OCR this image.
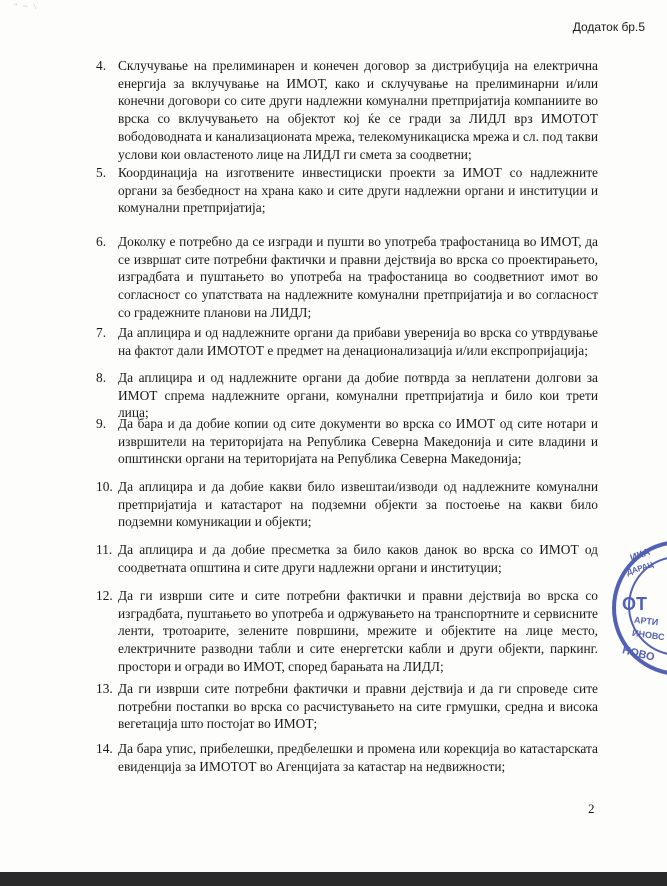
" ~ \
Додаток бр.5
4. Склучување на прелиминарен и конечен договор за дистрибуција на електрична енергија за вклучување на ИМОТ, како и склучување на прелиминарни и/или конечни договори со сите други надлежни комунални претпријатија компаниите во врска со вклучувањето на објектот кој ќе се гради за ЛИДЛ врз ИМОТОТ вободоводната и канализационата мрежа, телекомуникациска мрежа и сл. под такви услови кои овластеното лице на ЛИДЛ ги смета за соодветни;
5. Координација на изготвените инвестициски проекти за ИМОТ со надлежните органи за безбедност на храна како и сите други надлежни органи и институции и комунални претпријатија;
6. Доколку е потребно да се изгради и пушти во употреба трафостаница во ИМОТ, да се извршат сите потребни фактички и правни дејствија во врска со проектирањето, изградбата и пуштањето во употреба на трафостаница во соодветниот имот во согласност со упатствата на надлежните комунални претпријатија и во согласност со градежните планови на ЛИДЛ;
7. Да аплицира и од надлежните органи да прибави уверенија во врска со утврдување на фактот дали ИМОТОТ е предмет на денационализација и/или експропријација;
8. Да аплицира и од надлежните органи да добие потврда за неплатени долгови за ИМОТ спрема надлежните органи, комунални претпријатија и било кои трети лица;
9. Да бара и да добие копии од сите документи во врска со ИМОТ од сите нотари и извршители на територијата на Република Северна Македонија и сите владини и општински органи на територијата на Република Северна Македонија;
10. Да аплицира и да добие какви било извештаи/изводи од надлежните комунални претпријатија и катастарот на подземни објекти за постоење на какви било подземни комуникации и објекти;
11. Да аплицира и да добие пресметка за било каков данок во врска со ИМОТ од соодветната општина и сите други надлежни органи и институции;
12. Да ги изврши сите и сите потребни фактички и правни дејствија во врска со изградбата, пуштањето во употреба и одржувањето на транспортните и сервисните ленти, тротоарите, зелените површини, мрежите и објектите на лице место, електричните разводни табли и сите енергетски кабли и други објекти, паркинг. простори и огради во ИМОТ, според барањата на ЛИДЛ;
13. Да ги изврши сите потребни фактички и правни дејствија и да ги спроведе сите потребни постапки во врска со расчистувањето на сите грмушки, средна и висока вегетација што постојат во ИМОТ;
14. Да бара упис, прибелешки, предбелешки и промена или корекција во катастарската евиденција за ИМОТОТ во Агенцијата за катастар на недвижности;
2
ИКА
ДАРАЦ
ОТ
АРТИ
ИНОВС
НОВО
